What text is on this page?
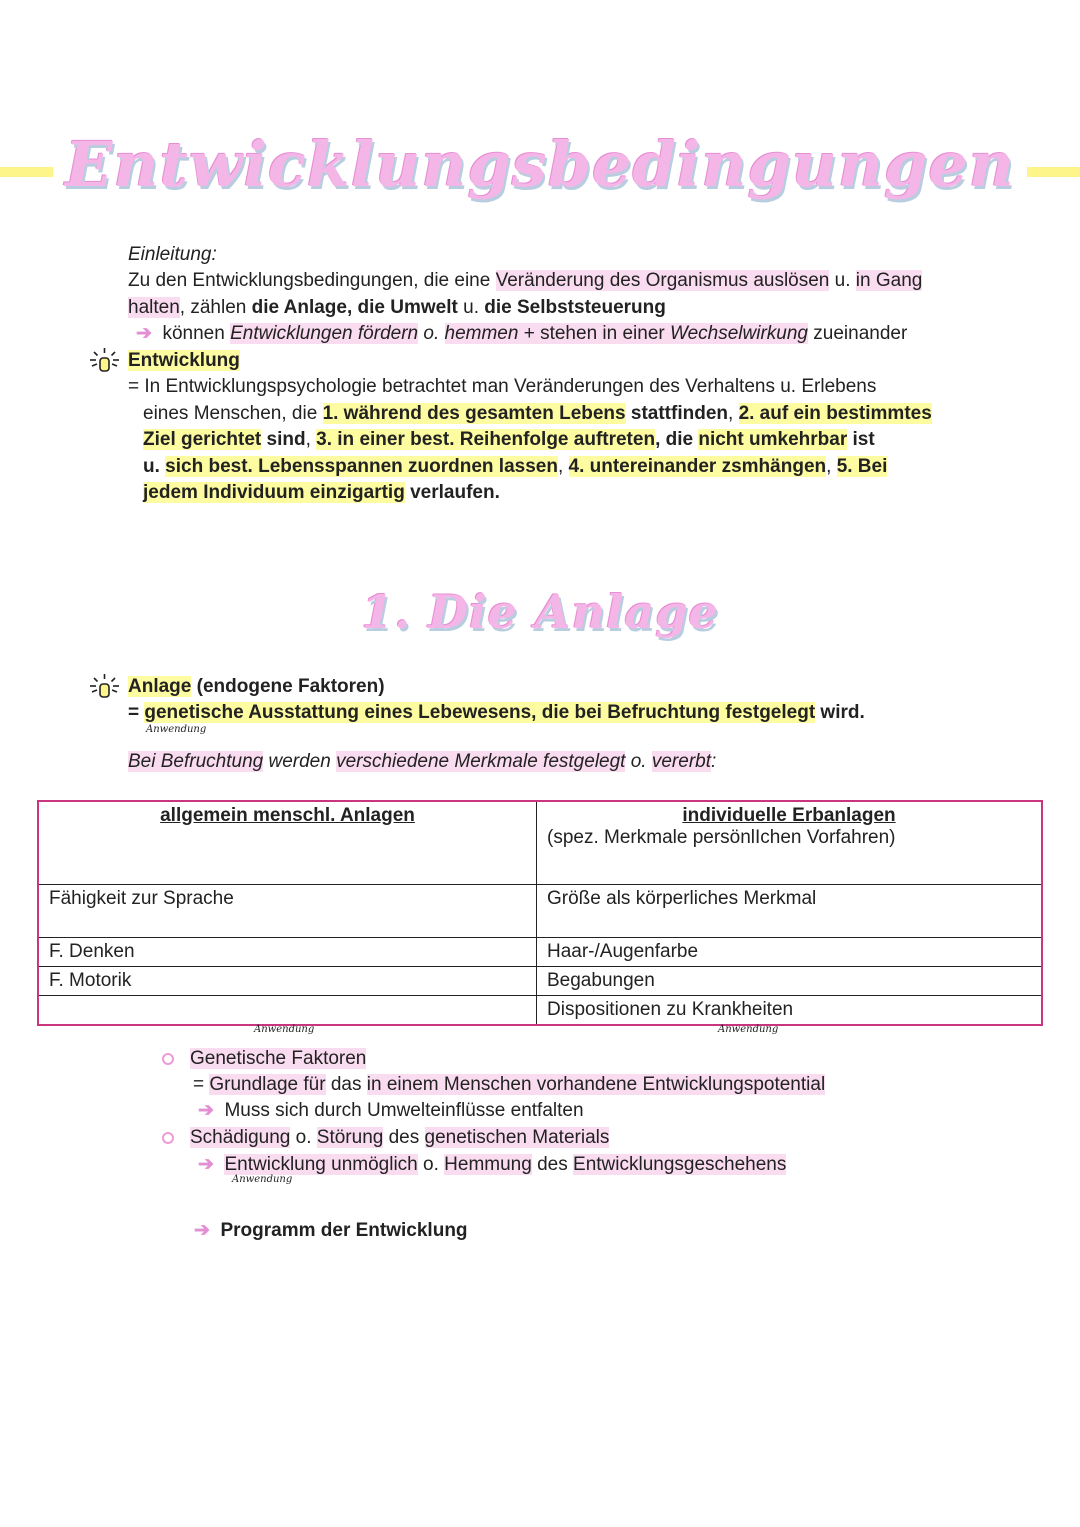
Entwicklungsbedingungen
Einleitung:
Zu den Entwicklungsbedingungen, die eine Veränderung des Organismus auslösen u. in Gang
halten, zählen die Anlage, die Umwelt u. die Selbststeuerung
➔ können Entwicklungen fördern o. hemmen + stehen in einer Wechselwirkung zueinander
Entwicklung
= In Entwicklungspsychologie betrachtet man Veränderungen des Verhaltens u. Erlebens
eines Menschen, die 1. während des gesamten Lebens stattfinden, 2. auf ein bestimmtes
Ziel gerichtet sind, 3. in einer best. Reihenfolge auftreten, die nicht umkehrbar ist
u. sich best. Lebensspannen zuordnen lassen, 4. untereinander zsmhängen, 5. Bei
jedem Individuum einzigartig verlaufen.
1. Die Anlage
Anlage (endogene Faktoren)
= genetische Ausstattung eines Lebewesens, die bei Befruchtung festgelegt wird.
Anwendung
Bei Befruchtung werden verschiedene Merkmale festgelegt o. vererbt:
allgemein menschl. Anlagen	individuelle Erbanlagen
(spez. Merkmale persönlIchen Vorfahren)

Fähigkeit zur Sprache	Größe als körperliches Merkmal
F. Denken	Haar-/Augenfarbe
F. Motorik	Begabungen
	Dispositionen zu Krankheiten
Anwendung	Anwendung
Genetische Faktoren
= Grundlage für das in einem Menschen vorhandene Entwicklungspotential
➔ Muss sich durch Umwelteinflüsse entfalten
Schädigung o. Störung des genetischen Materials
➔ Entwicklung unmöglich o. Hemmung des Entwicklungsgeschehens
Anwendung
➔ Programm der Entwicklung
